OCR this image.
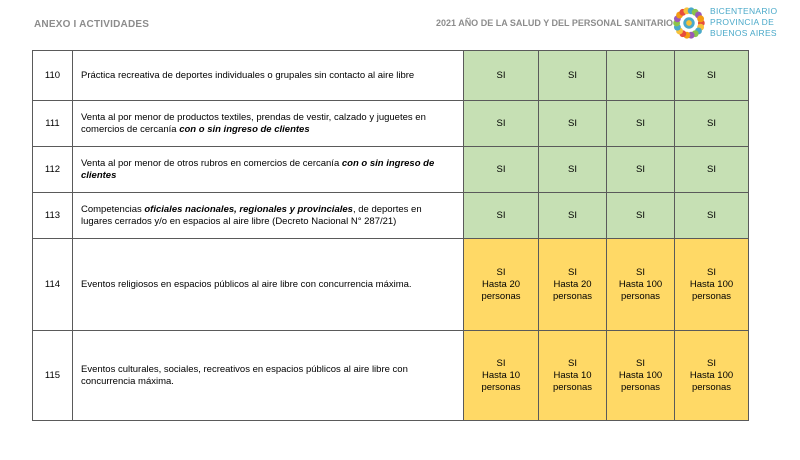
ANEXO I ACTIVIDADES	2021 AÑO DE LA SALUD Y DEL PERSONAL SANITARIO
BICENTENARIO
PROVINCIA DE
BUENOS AIRES
110	Práctica recreativa de deportes individuales o grupales sin contacto al aire libre	SI	SI	SI	SI

111	Venta al por menor de productos textiles, prendas de vestir, calzado y juguetes en comercios de cercanía con o sin ingreso de clientes	SI	SI	SI	SI

112	Venta al por menor de otros rubros en comercios de cercanía con o sin ingreso de clientes	SI	SI	SI	SI

113	Competencias oficiales nacionales, regionales y provinciales, de deportes en lugares cerrados y/o en espacios al aire libre (Decreto Nacional N° 287/21)	SI	SI	SI	SI

114	Eventos religiosos en espacios públicos al aire libre con concurrencia máxima.	SI
Hasta 20
personas	SI
Hasta 20
personas	SI
Hasta 100
personas	SI
Hasta 100
personas

115	Eventos culturales, sociales, recreativos en espacios públicos al aire libre con concurrencia máxima.	SI
Hasta 10
personas	SI
Hasta 10
personas	SI
Hasta 100
personas	SI
Hasta 100
personas
